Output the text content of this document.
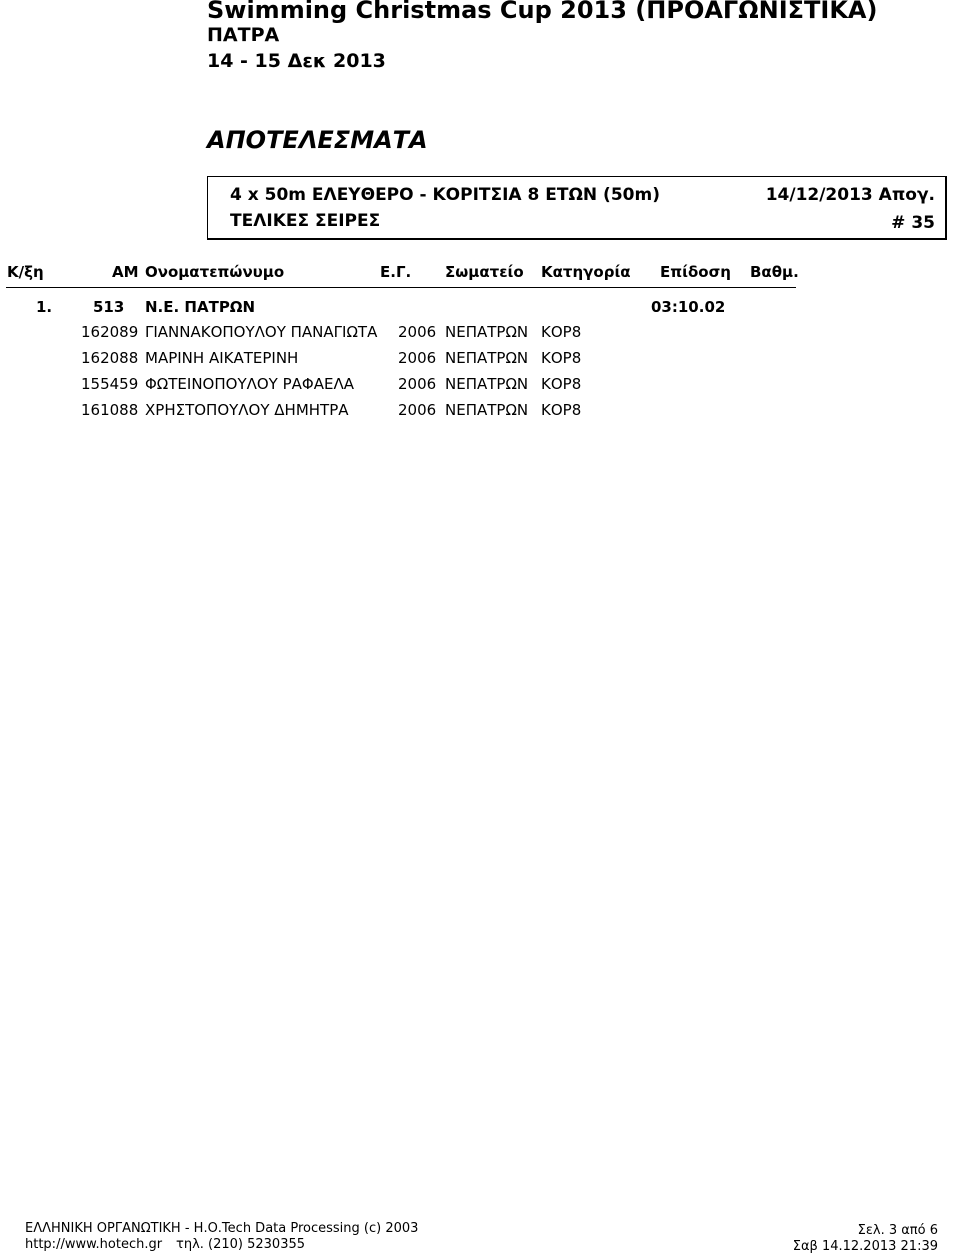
Swimming Christmas Cup 2013 (ΠΡΟΑΓΩΝΙΣΤΙΚΑ)
ΠΑΤΡΑ
14 - 15 Δεκ 2013
ΑΠΟΤΕΛΕΣΜΑΤΑ
4 x 50m ΕΛΕΥΘΕΡΟ - ΚΟΡΙΤΣΙΑ 8 ΕΤΩΝ (50m)	14/12/2013 Απογ.
ΤΕΛΙΚΕΣ ΣΕΙΡΕΣ	# 35
Κ/ξη	AM Ονοματεπώνυμο	Ε.Γ. Σωματείο Κατηγορία Επίδοση Βαθμ.
1.	513 Ν.Ε. ΠΑΤΡΩΝ	03:10.02
162089 ΓΙΑΝΝΑΚΟΠΟΥΛΟΥ ΠΑΝΑΓΙΩΤΑ 2006 ΝΕΠΑΤΡΩΝ ΚΟΡ8
162088 ΜΑΡΙΝΗ ΑΙΚΑΤΕΡΙΝΗ	2006 ΝΕΠΑΤΡΩΝ ΚΟΡ8
155459 ΦΩΤΕΙΝΟΠΟΥΛΟΥ ΡΑΦΑΕΛΑ	2006 ΝΕΠΑΤΡΩΝ ΚΟΡ8
161088 ΧΡΗΣΤΟΠΟΥΛΟΥ ΔΗΜΗΤΡΑ	2006 ΝΕΠΑΤΡΩΝ ΚΟΡ8
ΕΛΛΗΝΙΚΗ ΟΡΓΑΝΩΤΙΚΗ - Η.Ο.Tech Data Processing (c) 2003
http://www.hotech.gr τηλ. (210) 5230355
Σελ. 3 από 6
Σαβ 14.12.2013 21:39
